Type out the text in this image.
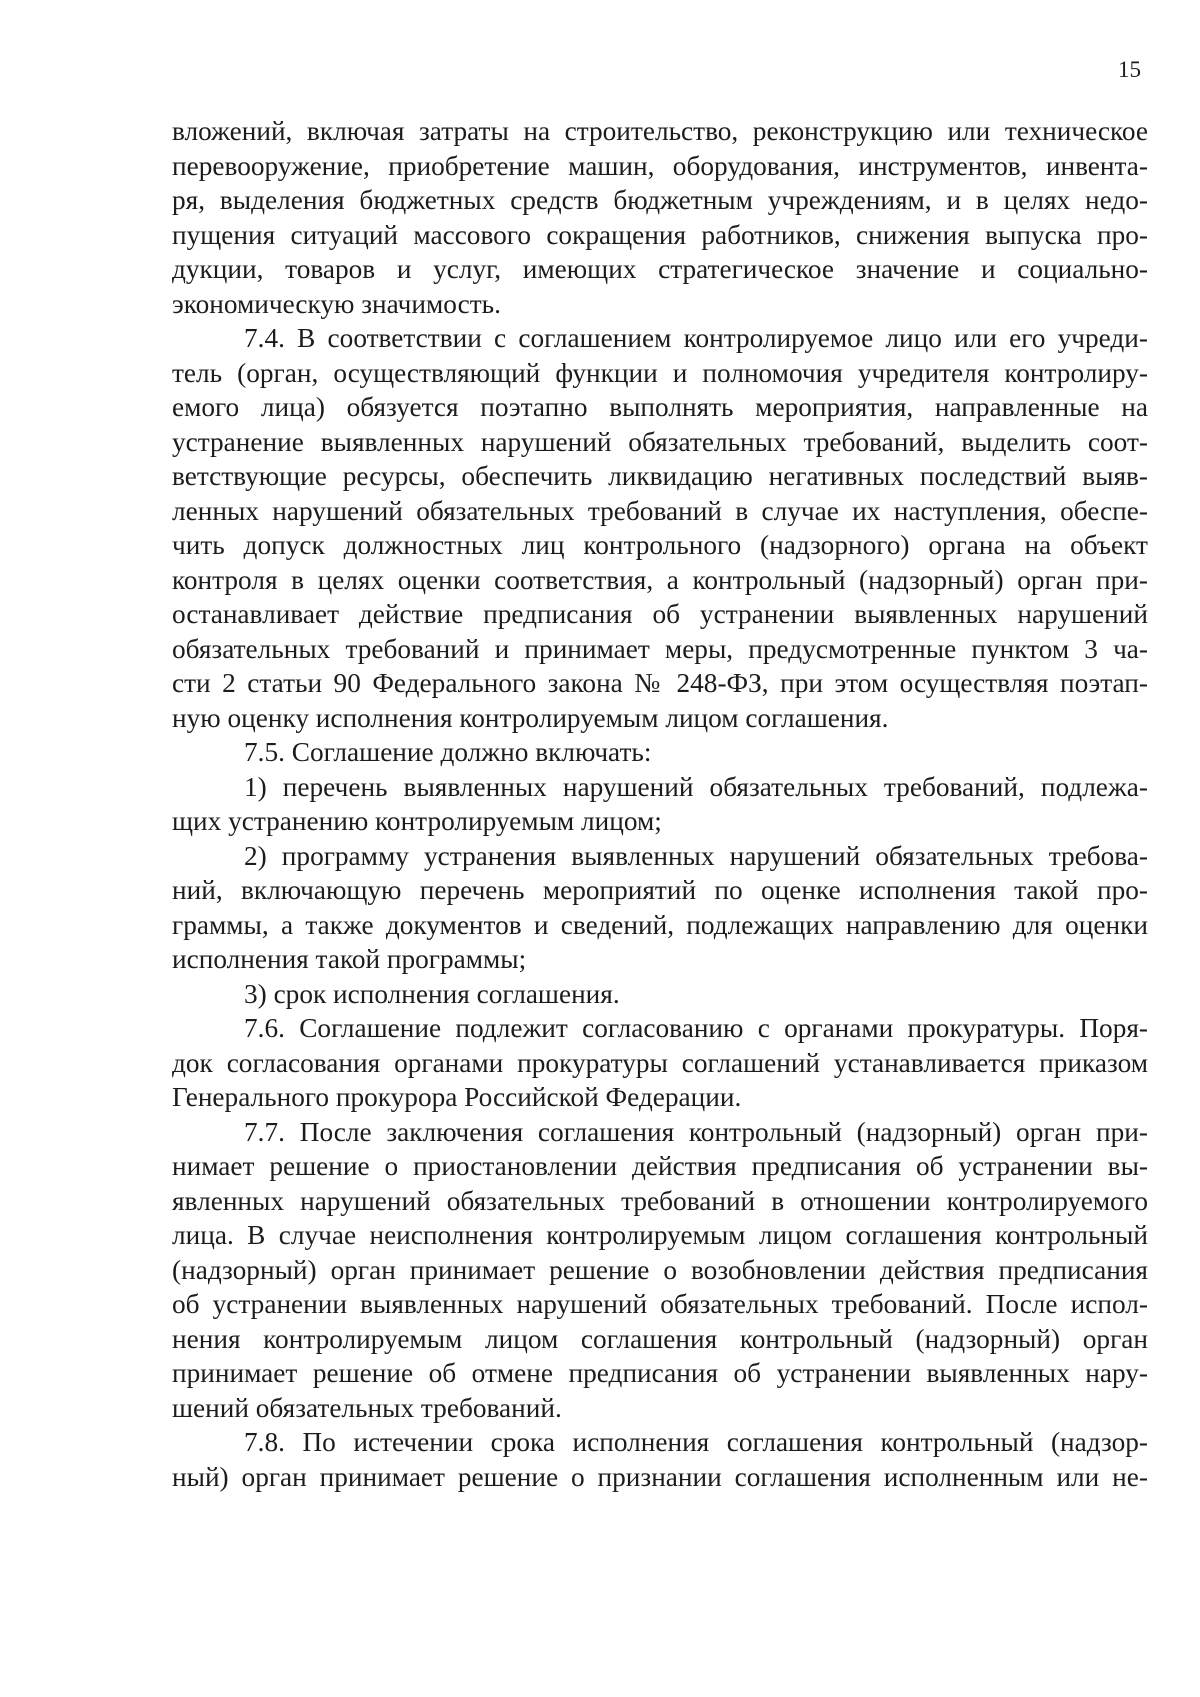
15
вложений, включая затраты на строительство, реконструкцию или техническое
перевооружение, приобретение машин, оборудования, инструментов, инвента-
ря, выделения бюджетных средств бюджетным учреждениям, и в целях недо-
пущения ситуаций массового сокращения работников, снижения выпуска про-
дукции, товаров и услуг, имеющих стратегическое значение и социально-
экономическую значимость.
7.4. В соответствии с соглашением контролируемое лицо или его учреди-
тель (орган, осуществляющий функции и полномочия учредителя контролиру-
емого лица) обязуется поэтапно выполнять мероприятия, направленные на
устранение выявленных нарушений обязательных требований, выделить соот-
ветствующие ресурсы, обеспечить ликвидацию негативных последствий выяв-
ленных нарушений обязательных требований в случае их наступления, обеспе-
чить допуск должностных лиц контрольного (надзорного) органа на объект
контроля в целях оценки соответствия, а контрольный (надзорный) орган при-
останавливает действие предписания об устранении выявленных нарушений
обязательных требований и принимает меры, предусмотренные пунктом 3 ча-
сти 2 статьи 90 Федерального закона № 248-ФЗ, при этом осуществляя поэтап-
ную оценку исполнения контролируемым лицом соглашения.
7.5. Соглашение должно включать:
1) перечень выявленных нарушений обязательных требований, подлежа-
щих устранению контролируемым лицом;
2) программу устранения выявленных нарушений обязательных требова-
ний, включающую перечень мероприятий по оценке исполнения такой про-
граммы, а также документов и сведений, подлежащих направлению для оценки
исполнения такой программы;
3) срок исполнения соглашения.
7.6. Соглашение подлежит согласованию с органами прокуратуры. Поря-
док согласования органами прокуратуры соглашений устанавливается приказом
Генерального прокурора Российской Федерации.
7.7. После заключения соглашения контрольный (надзорный) орган при-
нимает решение о приостановлении действия предписания об устранении вы-
явленных нарушений обязательных требований в отношении контролируемого
лица. В случае неисполнения контролируемым лицом соглашения контрольный
(надзорный) орган принимает решение о возобновлении действия предписания
об устранении выявленных нарушений обязательных требований. После испол-
нения контролируемым лицом соглашения контрольный (надзорный) орган
принимает решение об отмене предписания об устранении выявленных нару-
шений обязательных требований.
7.8. По истечении срока исполнения соглашения контрольный (надзор-
ный) орган принимает решение о признании соглашения исполненным или не-
